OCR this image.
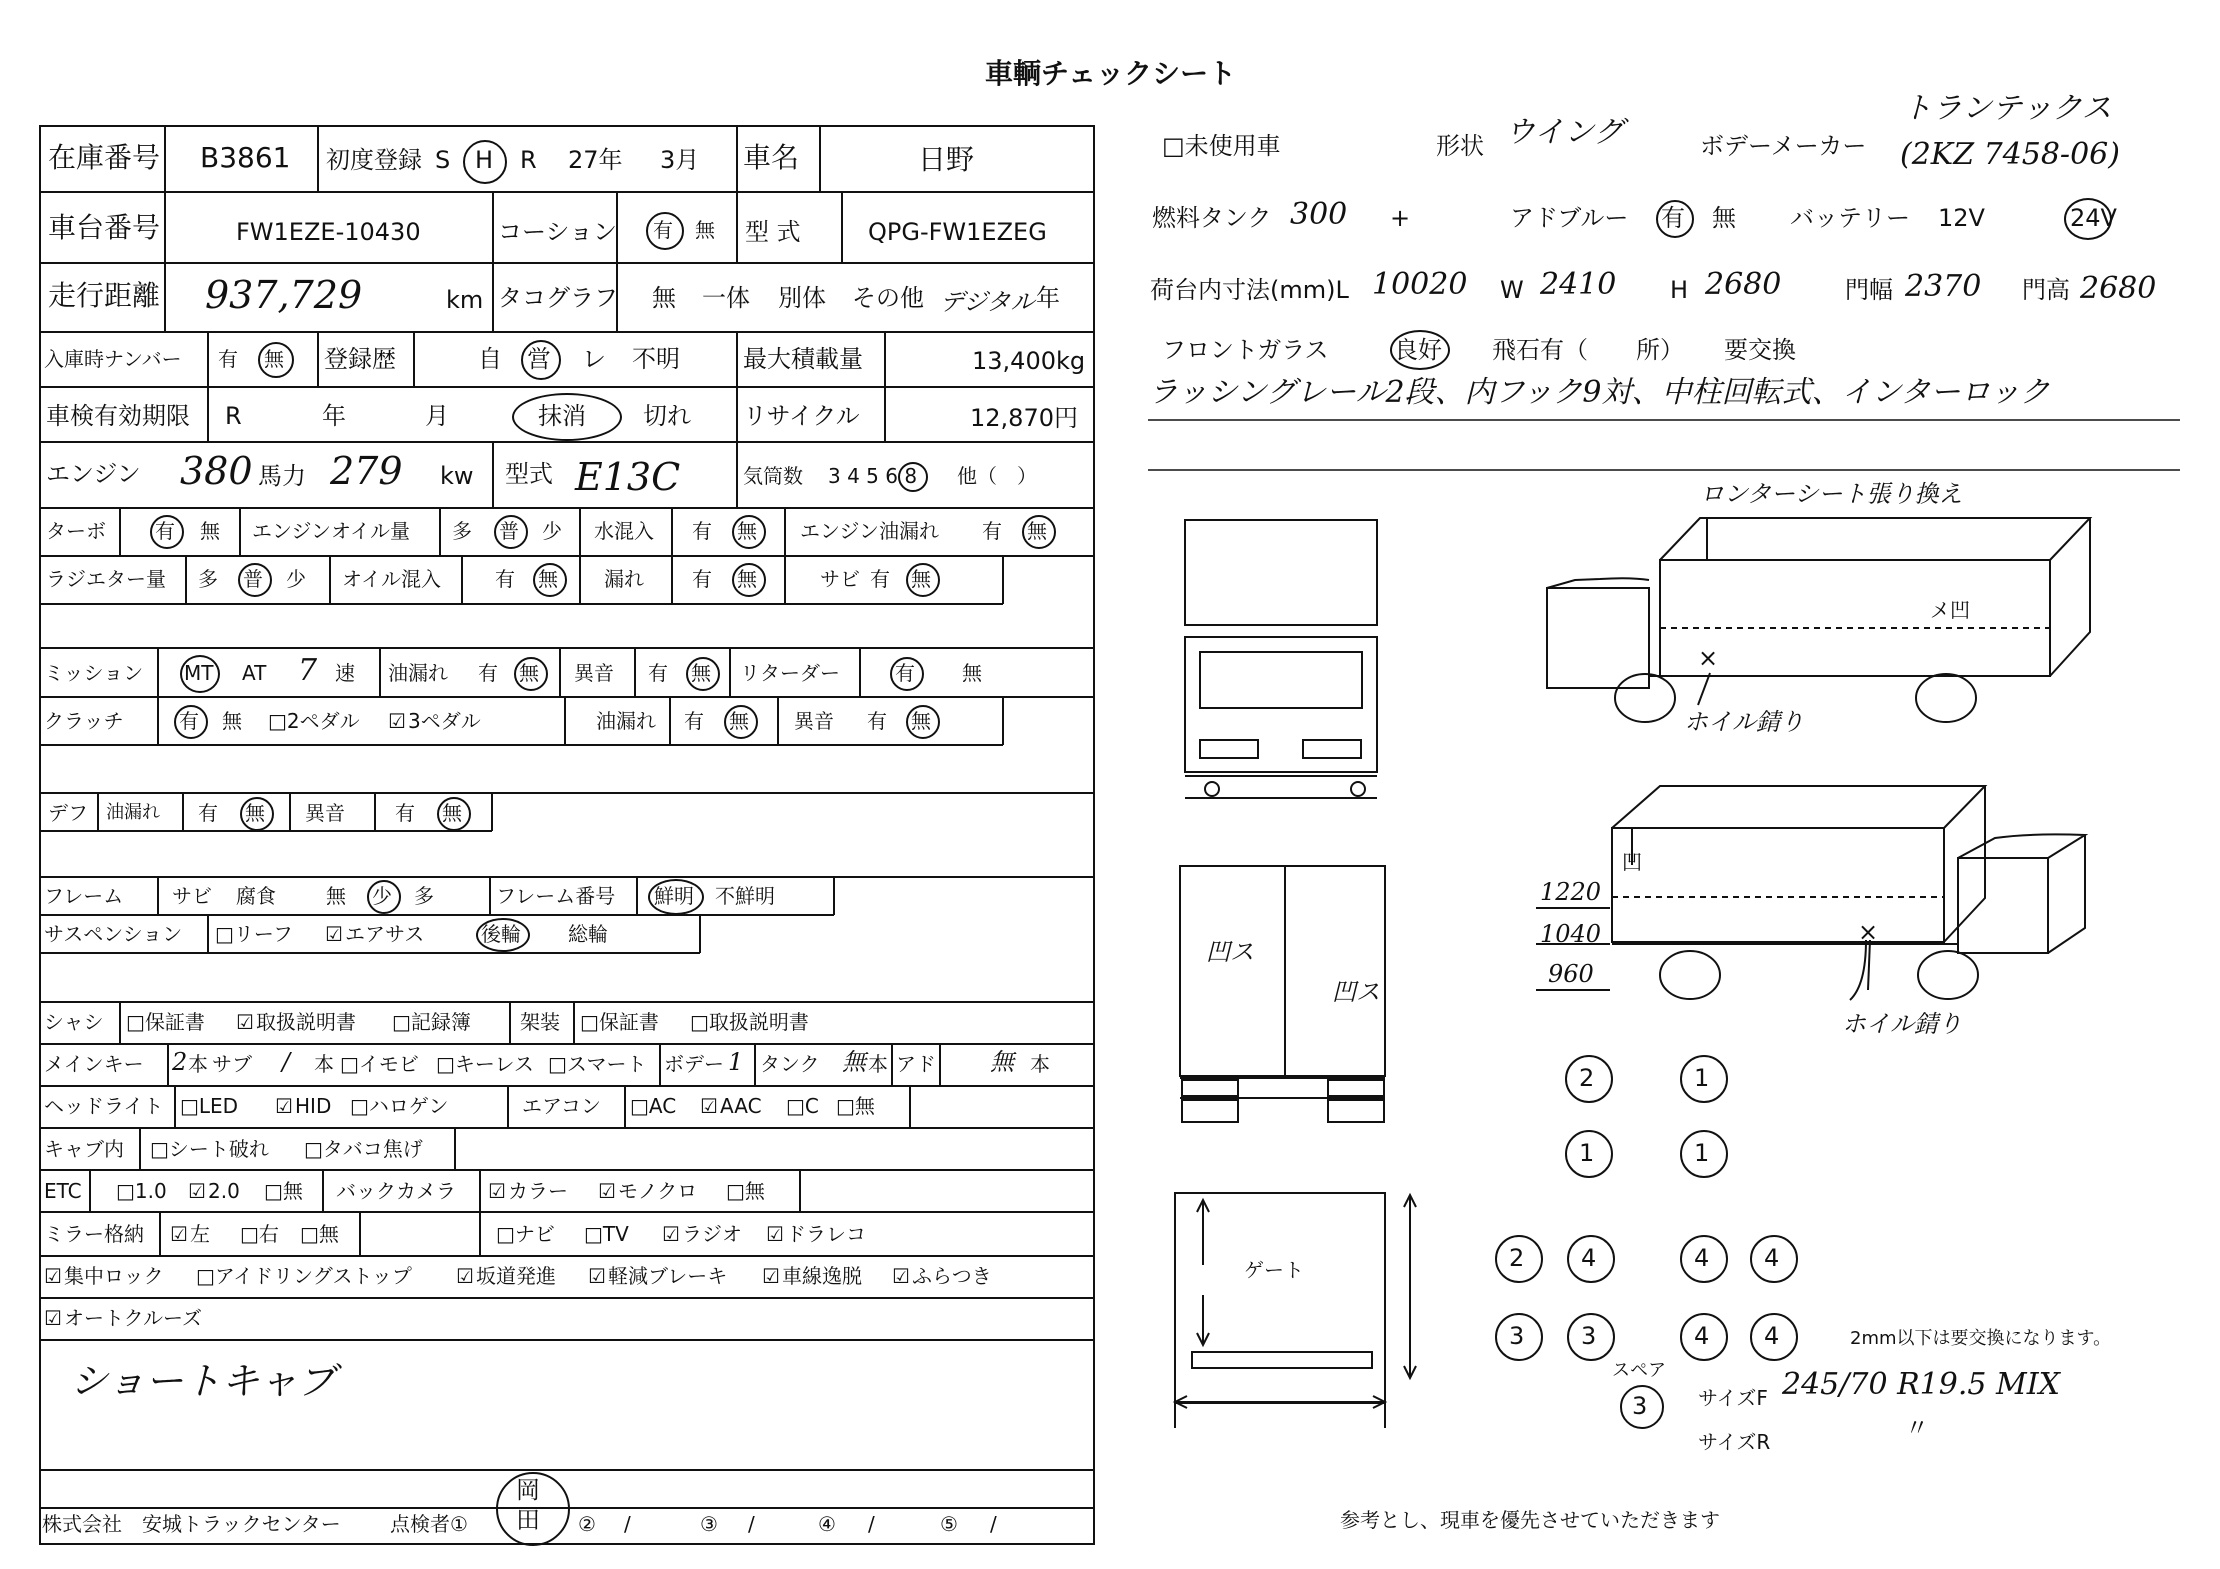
車輌チェックシート
在庫番号 B3861 初度登録 S H R 27年 3月 車名	日野
車台番号	FW1EZE-10430	コーション 有 無 型 式	QPG-FW1EZEG
走行距離 937,729	km タコグラフ 無 一体 別体 その他 デジタル 年
入庫時ナンバー 有 無 登録歴	自 営 レ 不明	最大積載量	13,400kg
車検有効期限 R	年	月	抹消 切れ リサイクル	12,870円
エンジン 380 馬力 279 kw 型式 E13C	気筒数 3 4 5 6 8 他（　）
ターボ 有 無 エンジンオイル量 多 普 少 水混入 有 無 エンジン油漏れ 有 無
ラジエター量 多 普 少 オイル混入	有 無 漏れ 有 無	サビ 有 無
ミッション MT AT 7 速 油漏れ 有 無 異音 有 無 リターダー	有 無
クラッチ	有 無 □2ペダル ☑ 3ペダル	油漏れ 有 無 異音 有 無
デフ 油漏れ 有 無 異音	有 無
フレーム サビ 腐食	無 少 多	フレーム番号 鮮明 不鮮明
サスペンション □リーフ ☑ エアサス	後輪 総輪
シャシ □保証書 ☑ 取扱説明書 □記録簿 架装 □保証書 □取扱説明書
メインキー 2 本 サブ / 本 □イモビ □キーレス □スマート ボデー 1 タンク 無 本 アド 無 本
ヘッドライト □LED ☑ HID □ハロゲン	エアコン □AC ☑ AAC □C □無
キャブ内 □シート破れ □タバコ焦げ
ETC □1.0 ☑ 2.0 □無 バックカメラ ☑ カラー ☑ モノクロ □無
ミラー格納 ☑ 左 □右 □無	□ナビ □TV ☑ ラジオ ☑ ドラレコ
☑ 集中ロック □アイドリングストップ ☑ 坂道発進 ☑ 軽減ブレーキ ☑ 車線逸脱 ☑ ふらつき
☑ オートクルーズ
ショートキャブ
株式会社　安城トラックセンター 点検者①
岡
田 ② /	③ /	④ /	⑤ /
□未使用車	形状 ウイング	ボデーメーカー
トランテックス
(2KZ 7458-06)
燃料タンク 300 +	アドブルー 有 無 バッテリー 12V	24V
荷台内寸法(mm)L 10020 W 2410 H 2680	門幅 2370 門高 2680
フロントガラス	良好 飛石有（　　所） 要交換
ラッシングレール2段、内フック9対、中柱回転式、インターロック
ロンターシート張り換え
メ凹
×
ホイル錆り
凹
×
ホイル錆り
1220
1040
960
凹ス
凹ス
ゲート
2	1
1	1
2 4	4 4
3 3	4 4	2mm以下は要交換になります。
スペア
3	サイズF 245/70 R19.5 MIX
サイズR	〃
参考とし、現車を優先させていただきます
